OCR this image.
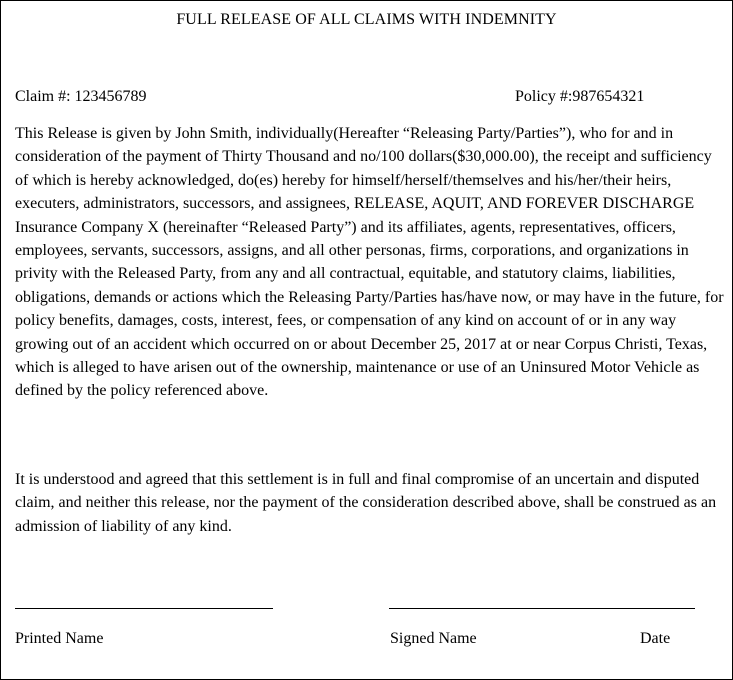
FULL RELEASE OF ALL CLAIMS WITH INDEMNITY
Claim #: 123456789	Policy #:987654321

This Release is given by John Smith, individually(Hereafter “Releasing Party/Parties”), who for and in consideration of the payment of Thirty Thousand and no/100 dollars($30,000.00), the receipt and sufficiency of which is hereby acknowledged, do(es) hereby for himself/herself/themselves and his/her/their heirs, executers, administrators, successors, and assignees, RELEASE, AQUIT, AND FOREVER DISCHARGE Insurance Company X (hereinafter “Released Party”) and its affiliates, agents, representatives, officers, employees, servants, successors, assigns, and all other personas, firms, corporations, and organizations in privity with the Released Party, from any and all contractual, equitable, and statutory claims, liabilities, obligations, demands or actions which the Releasing Party/Parties has/have now, or may have in the future, for policy benefits, damages, costs, interest, fees, or compensation of any kind on account of or in any way growing out of an accident which occurred on or about December 25, 2017 at or near Corpus Christi, Texas, which is alleged to have arisen out of the ownership, maintenance or use of an Uninsured Motor Vehicle as defined by the policy referenced above.

It is understood and agreed that this settlement is in full and final compromise of an uncertain and disputed claim, and neither this release, nor the payment of the consideration described above, shall be construed as an admission of liability of any kind.

Printed Name	Signed Name	Date
